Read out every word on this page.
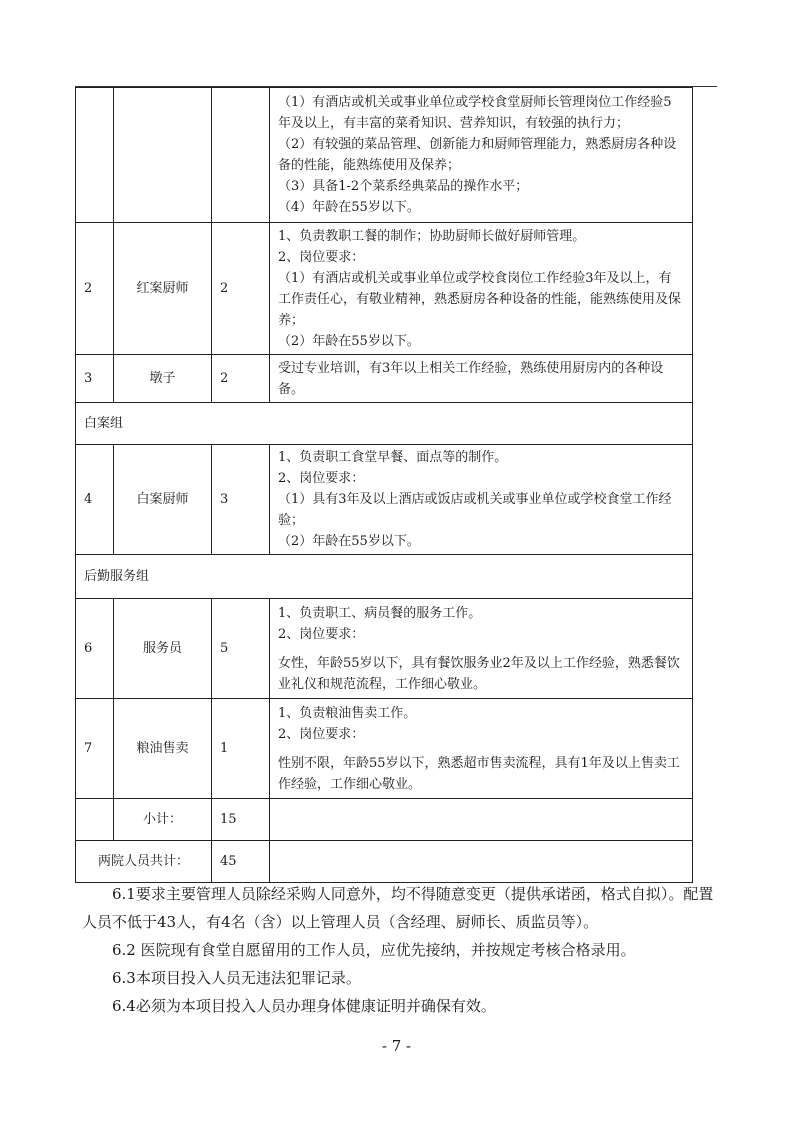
			（1）有酒店或机关或事业单位或学校食堂厨师长管理岗位工作经验5年及以上，有丰富的菜肴知识、营养知识，有较强的执行力；
（2）有较强的菜品管理、创新能力和厨师管理能力，熟悉厨房各种设备的性能，能熟练使用及保养；
（3）具备1-2个菜系经典菜品的操作水平；
（4）年龄在55岁以下。

2	红案厨师	2	1、负责教职工餐的制作；协助厨师长做好厨师管理。
2、岗位要求：
（1）有酒店或机关或事业单位或学校食岗位工作经验3年及以上，有工作责任心，有敬业精神，熟悉厨房各种设备的性能，能熟练使用及保养；
（2）年龄在55岁以下。

3	墩子	2	受过专业培训，有3年以上相关工作经验，熟练使用厨房内的各种设备。

白案组			
4	白案厨师	3	1、负责职工食堂早餐、面点等的制作。
2、岗位要求：
（1）具有3年及以上酒店或饭店或机关或事业单位或学校食堂工作经验；
（2）年龄在55岁以下。

后勤服务组			
6	服务员	5	1、负责职工、病员餐的服务工作。
2、岗位要求：
女性，年龄55岁以下，具有餐饮服务业2年及以上工作经验，熟悉餐饮业礼仪和规范流程，工作细心敬业。

7	粮油售卖	1	1、负责粮油售卖工作。
2、岗位要求：
性别不限，年龄55岁以下，熟悉超市售卖流程，具有1年及以上售卖工作经验，工作细心敬业。

	小计：	15	
两院人员共计：		45	

6.1要求主要管理人员除经采购人同意外，均不得随意变更（提供承诺函，格式自拟）。配置人员不低于43人，有4名（含）以上管理人员（含经理、厨师长、质监员等）。

6.2 医院现有食堂自愿留用的工作人员，应优先接纳，并按规定考核合格录用。

6.3本项目投入人员无违法犯罪记录。

6.4必须为本项目投入人员办理身体健康证明并确保有效。

- 7 -
